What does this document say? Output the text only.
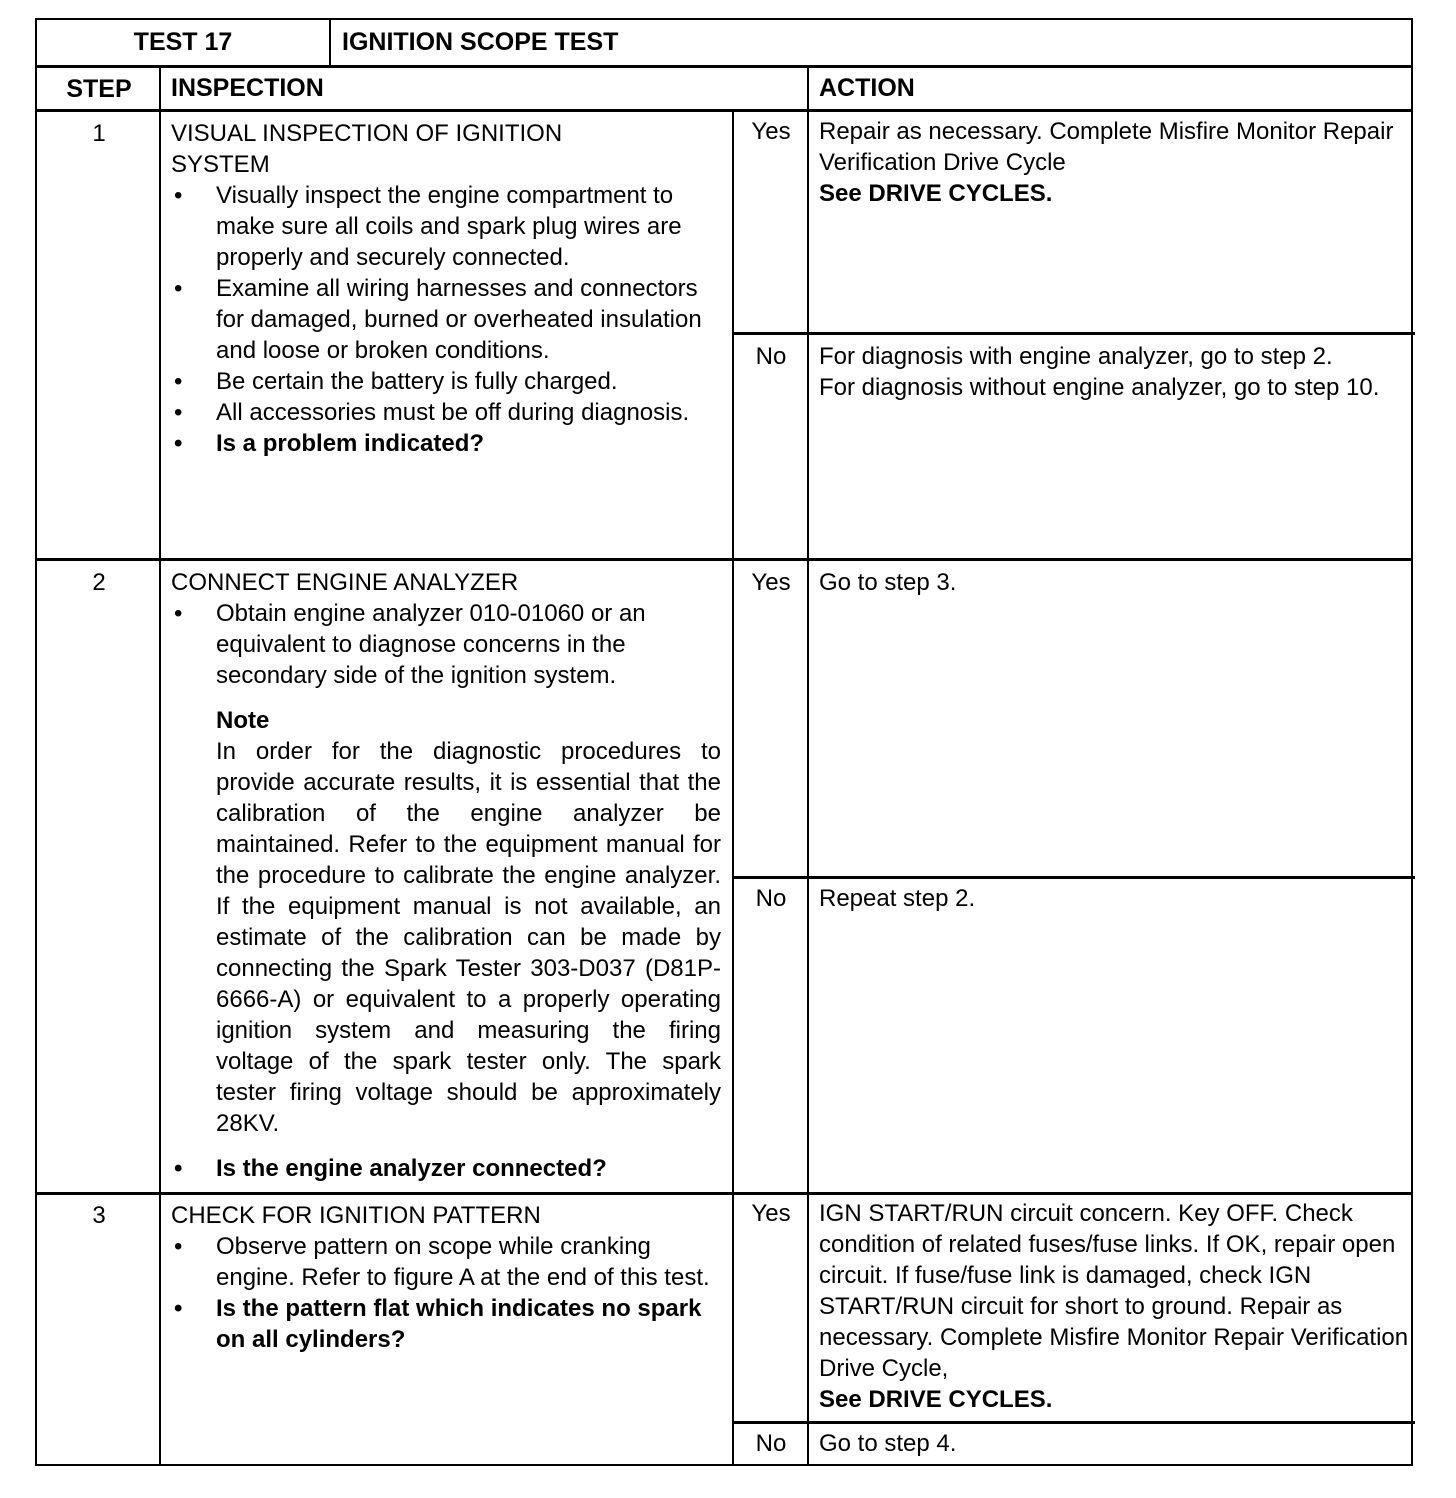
TEST 17	IGNITION SCOPE TEST
STEP	INSPECTION	ACTION
1	VISUAL INSPECTION OF IGNITION
SYSTEM
• Visually inspect the engine compartment to make sure all coils and spark plug wires are properly and securely connected.
• Examine all wiring harnesses and connectors for damaged, burned or overheated insulation and loose or broken conditions.
• Be certain the battery is fully charged.
• All accessories must be off during diagnosis.
• Is a problem indicated?
Yes	Repair as necessary. Complete Misfire Monitor Repair Verification Drive Cycle
See DRIVE CYCLES.
No	For diagnosis with engine analyzer, go to step 2.
For diagnosis without engine analyzer, go to step 10.
2	CONNECT ENGINE ANALYZER
• Obtain engine analyzer 010-01060 or an equivalent to diagnose concerns in the secondary side of the ignition system.
Note
In order for the diagnostic procedures to provide accurate results, it is essential that the calibration of the engine analyzer be maintained. Refer to the equipment manual for the procedure to calibrate the engine analyzer. If the equipment manual is not available, an estimate of the calibration can be made by connecting the Spark Tester 303-D037 (D81P-6666-A) or equivalent to a properly operating ignition system and measuring the firing voltage of the spark tester only. The spark tester firing voltage should be approximately 28KV.
• Is the engine analyzer connected?
Yes	Go to step 3.
No	Repeat step 2.
3	CHECK FOR IGNITION PATTERN
• Observe pattern on scope while cranking engine. Refer to figure A at the end of this test.
• Is the pattern flat which indicates no spark on all cylinders?
Yes	IGN START/RUN circuit concern. Key OFF. Check condition of related fuses/fuse links. If OK, repair open circuit. If fuse/fuse link is damaged, check IGN START/RUN circuit for short to ground. Repair as necessary. Complete Misfire Monitor Repair Verification Drive Cycle,
See DRIVE CYCLES.
No	Go to step 4.
